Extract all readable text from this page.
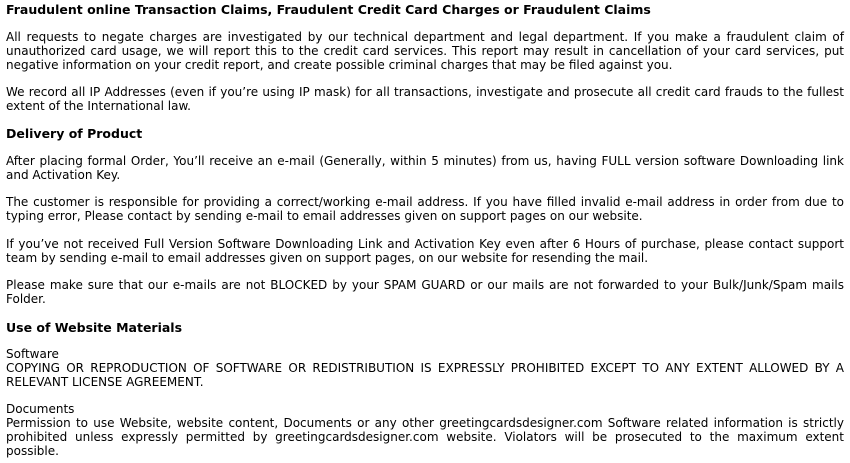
Fraudulent online Transaction Claims, Fraudulent Credit Card Charges or Fraudulent Claims

All requests to negate charges are investigated by our technical department and legal department. If you make a fraudulent claim of unauthorized card usage, we will report this to the credit card services. This report may result in cancellation of your card services, put negative information on your credit report, and create possible criminal charges that may be filed against you.

We record all IP Addresses (even if you’re using IP mask) for all transactions, investigate and prosecute all credit card frauds to the fullest extent of the International law.

Delivery of Product

After placing formal Order, You’ll receive an e-mail (Generally, within 5 minutes) from us, having FULL version software Downloading link and Activation Key.

The customer is responsible for providing a correct/working e-mail address. If you have filled invalid e-mail address in order from due to typing error, Please contact by sending e-mail to email addresses given on support pages on our website.

If you’ve not received Full Version Software Downloading Link and Activation Key even after 6 Hours of purchase, please contact support team by sending e-mail to email addresses given on support pages, on our website for resending the mail.

Please make sure that our e-mails are not BLOCKED by your SPAM GUARD or our mails are not forwarded to your Bulk/Junk/Spam mails Folder.

Use of Website Materials

Software

COPYING OR REPRODUCTION OF SOFTWARE OR REDISTRIBUTION IS EXPRESSLY PROHIBITED EXCEPT TO ANY EXTENT ALLOWED BY A RELEVANT LICENSE AGREEMENT.

Documents

Permission to use Website, website content, Documents or any other greetingcardsdesigner.com Software related information is strictly prohibited unless expressly permitted by greetingcardsdesigner.com website. Violators will be prosecuted to the maximum extent possible.
